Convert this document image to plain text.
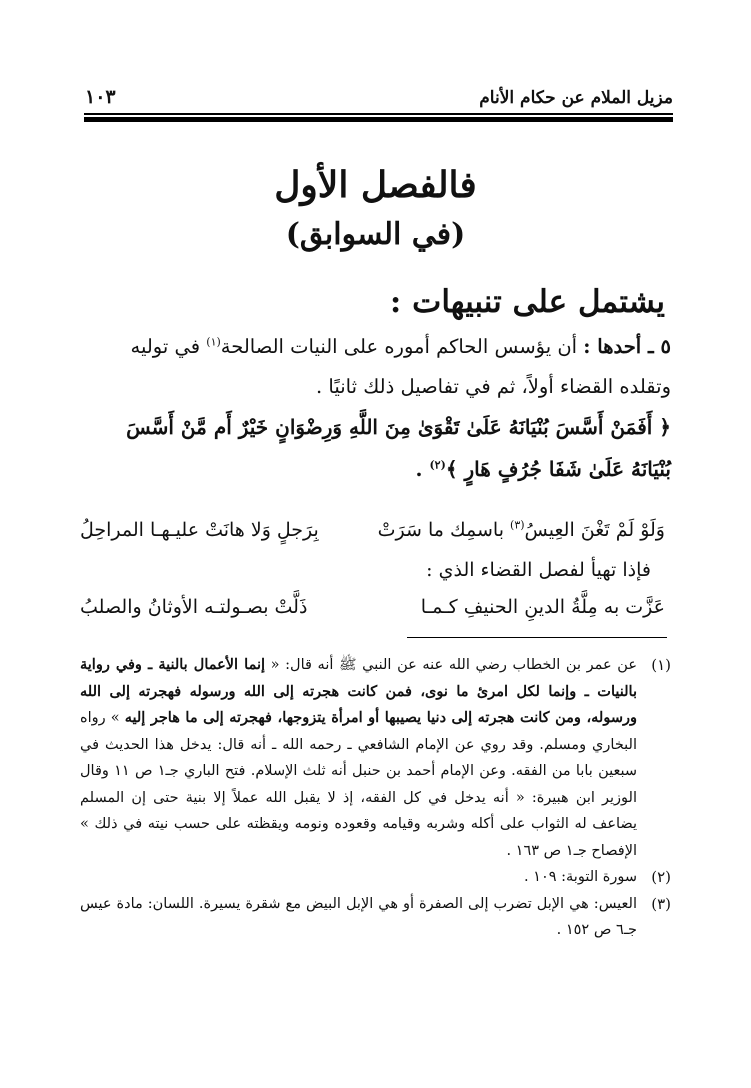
مزيل الملام عن حكام الأنام
١٠٣
فالفصل الأول
(في السوابق)
يشتمل على تنبيهات :
٥ ـ أحدها : أن يؤسس الحاكم أموره على النيات الصالحة$^{(١)}$ في توليه وتقلده القضاء أولاً، ثم في تفاصيل ذلك ثانيًا .
﴿ أَفَمَنْ أَسَّسَ بُنْيَانَهُ عَلَىٰ تَقْوَىٰ مِنَ اللَّهِ وَرِضْوَانٍ خَيْرٌ أَم مَّنْ أَسَّسَ بُنْيَانَهُ عَلَىٰ شَفَا جُرُفٍ هَارٍ ﴾$^{(٢)}$ .
وَلَوْ لَمْ تَغْنَ العِيسُ$^{(٣)}$ باسمِك ما سَرَتْ
بِرَجلٍ وَلا هانَتْ عليـهـا المراحِلُ
فإذا تهيأ لفصل القضاء الذي :
عَزَّت به مِلَّةُ الدينِ الحنيفِ كـمـا
ذَلَّتْ بصـولتـه الأوثانُ والصلبُ
(١)
عن عمر بن الخطاب رضي الله عنه عن النبي ﷺ أنه قال: « إنما الأعمال بالنية ـ وفي رواية بالنيات ـ وإنما لكل امرئ ما نوى، فمن كانت هجرته إلى الله ورسوله فهجرته إلى الله ورسوله، ومن كانت هجرته إلى دنيا يصيبها أو امرأة يتزوجها، فهجرته إلى ما هاجر إليه » رواه البخاري ومسلم. وقد روي عن الإمام الشافعي ـ رحمه الله ـ أنه قال: يدخل هذا الحديث في سبعين بابا من الفقه. وعن الإمام أحمد بن حنبل أنه ثلث الإسلام. فتح الباري جـ١ ص ١١ وقال الوزير ابن هبيرة: « أنه يدخل في كل الفقه، إذ لا يقبل الله عملاً إلا بنية حتى إن المسلم يضاعف له الثواب على أكله وشربه وقيامه وقعوده ونومه ويقظته على حسب نيته في ذلك » الإفصاح جـ١ ص ١٦٣ .
(٢)
سورة التوبة: ١٠٩ .
(٣)
العيس: هي الإبل تضرب إلى الصفرة أو هي الإبل البيض مع شقرة يسيرة. اللسان: مادة عيس جـ٦ ص ١٥٢ .
